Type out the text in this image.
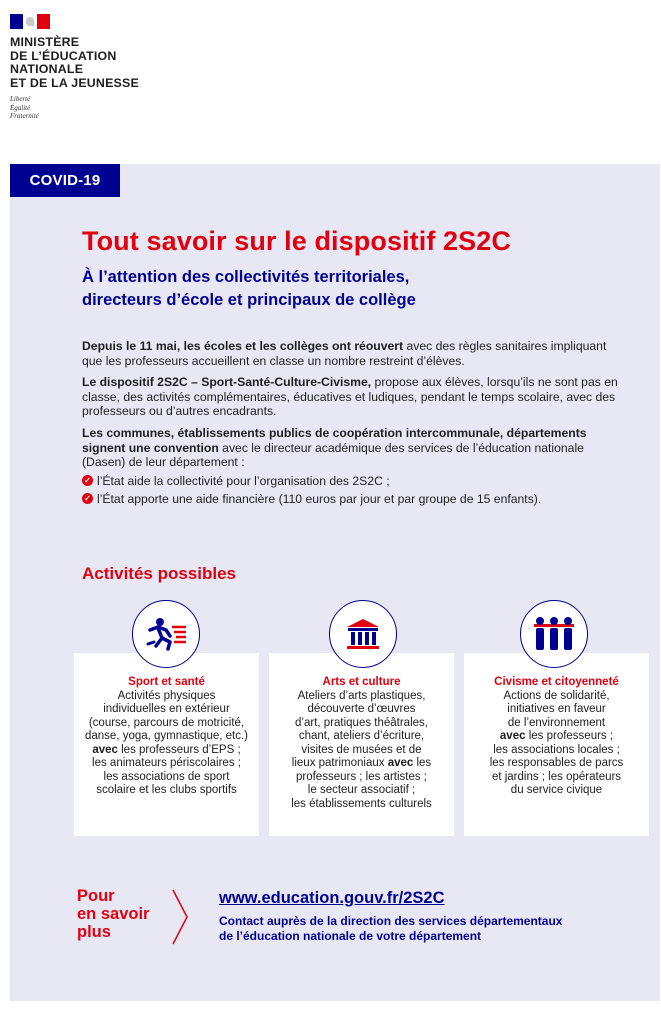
MINISTÈRE
DE L’ÉDUCATION
NATIONALE
ET DE LA JEUNESSE
Liberté
Égalité
Fraternité
COVID-19
Tout savoir sur le dispositif 2S2C
À l’attention des collectivités territoriales,
directeurs d’école et principaux de collège

Depuis le 11 mai, les écoles et les collèges ont réouvert avec des règles sanitaires impliquant que les professeurs accueillent en classe un nombre restreint d’élèves.

Le dispositif 2S2C – Sport-Santé-Culture-Civisme, propose aux élèves, lorsqu’ils ne sont pas en classe, des activités complémentaires, éducatives et ludiques, pendant le temps scolaire, avec des professeurs ou d’autres encadrants.

Les communes, établissements publics de coopération intercommunale, départements signent une convention avec le directeur académique des services de l’éducation nationale (Dasen) de leur département :

✓ l’État aide la collectivité pour l’organisation des 2S2C ;
✓ l’État apporte une aide financière (110 euros par jour et par groupe de 15 enfants).
Activités possibles
Sport et santé
Activités physiques
individuelles en extérieur
(course, parcours de motricité,
danse, yoga, gymnastique, etc.)
avec les professeurs d’EPS ;
les animateurs périscolaires ;
les associations de sport
scolaire et les clubs sportifs
Arts et culture
Ateliers d’arts plastiques,
découverte d’œuvres
d’art, pratiques théâtrales,
chant, ateliers d’écriture,
visites de musées et de
lieux patrimoniaux avec les
professeurs ; les artistes ;
le secteur associatif ;
les établissements culturels
Civisme et citoyenneté
Actions de solidarité,
initiatives en faveur
de l’environnement
avec les professeurs ;
les associations locales ;
les responsables de parcs
et jardins ; les opérateurs
du service civique
Pour
en savoir
plus
www.education.gouv.fr/2S2C
Contact auprès de la direction des services départementaux
de l’éducation nationale de votre département
